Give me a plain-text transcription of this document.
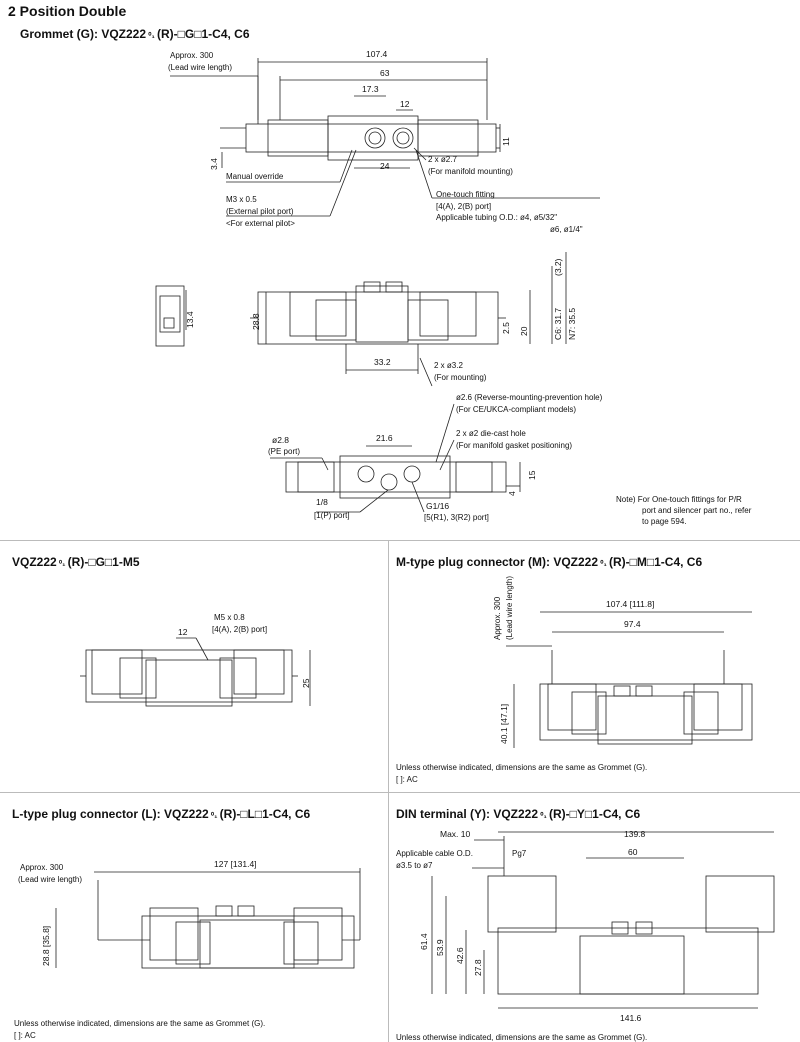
2 Position Double
Grommet (G): VQZ222 ⁰₁ (R)-□G□1-C4, C6
Approx. 300
(Lead wire length)
107.4
63
17.3
12
11
3.4	24
2 x ø2.7
(For manifold mounting)
Manual override
M3 x 0.5
(External pilot port)
<For external pilot>
One-touch fitting
[4(A), 2(B) port]
Applicable tubing O.D.: ø4, ø5/32"
ø6, ø1/4"
13.4	28.8
(3.2)
C6: 31.7 N7: 35.5
2.5 20
33.2	2 x ø3.2
(For mounting)
ø2.6 (Reverse-mounting-prevention hole)
(For CE/UKCA-compliant models)
2 x ø2 die-cast hole
(For manifold gasket positioning)
ø2.8
(PE port)
21.6
15
4
1/8
[1(P) port]
G1/16
[5(R1), 3(R2) port]
Note) For One-touch fittings for P/R
port and silencer part no., refer
to page 594.
VQZ222 ⁰₁ (R)-□G□1-M5
M5 x 0.8
[4(A), 2(B) port]
12
25
M-type plug connector (M): VQZ222 ⁰₁ (R)-□M□1-C4, C6
Approx. 300 (Lead wire length)	107.4 [111.8]
97.4
40.1 [47.1]
Unless otherwise indicated, dimensions are the same as Grommet (G).
[ ]: AC
L-type plug connector (L): VQZ222 ⁰₁ (R)-□L□1-C4, C6
Approx. 300
(Lead wire length)
127 [131.4]
28.8 [35.8]
Unless otherwise indicated, dimensions are the same as Grommet (G).
[ ]: AC
DIN terminal (Y): VQZ222 ⁰₁ (R)-□Y□1-C4, C6
Max. 10	139.8
Applicable cable O.D.
ø3.5 to ø7
Pg7	60
61.4 53.9 42.6
27.8
141.6
Unless otherwise indicated, dimensions are the same as Grommet (G).
